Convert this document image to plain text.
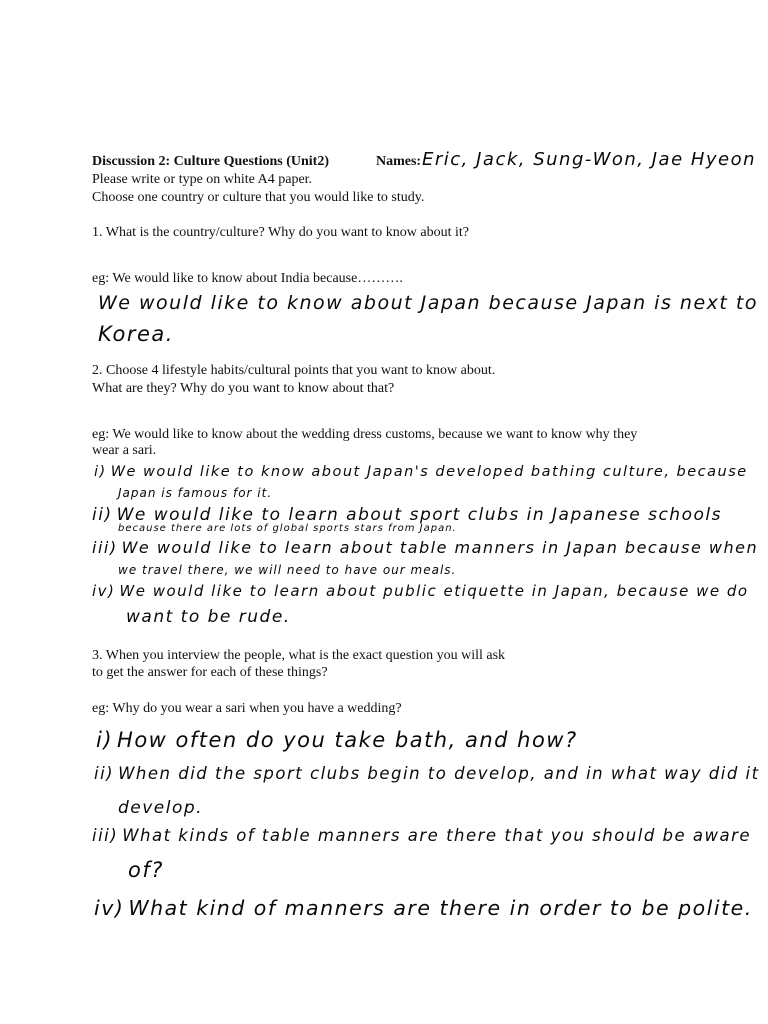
Discussion 2: Culture Questions (Unit2)	Names: Eric, Jack, Sung-Won, Jae Hyeon
Please write or type on white A4 paper.
Choose one country or culture that you would like to study.
1. What is the country/culture? Why do you want to know about it?
eg: We would like to know about India because……….
We would like to know about Japan because Japan is next to
Korea.
2. Choose 4 lifestyle habits/cultural points that you want to know about.
What are they? Why do you want to know about that?
eg: We would like to know about the wedding dress customs, because we want to know why they
wear a sari.
i) We would like to know about Japan's developed bathing culture, because
Japan is famous for it.
ii) We would like to learn about sport clubs in Japanese schools
because there are lots of global sports stars from Japan.
iii) We would like to learn about table manners in Japan because when
we travel there, we will need to have our meals.
iv) We would like to learn about public etiquette in Japan, because we do
want to be rude.
3. When you interview the people, what is the exact question you will ask
to get the answer for each of these things?
eg: Why do you wear a sari when you have a wedding?
i) How often do you take bath, and how?
ii) When did the sport clubs begin to develop, and in what way did it
develop.
iii) What kinds of table manners are there that you should be aware
of?
iv) What kind of manners are there in order to be polite.
